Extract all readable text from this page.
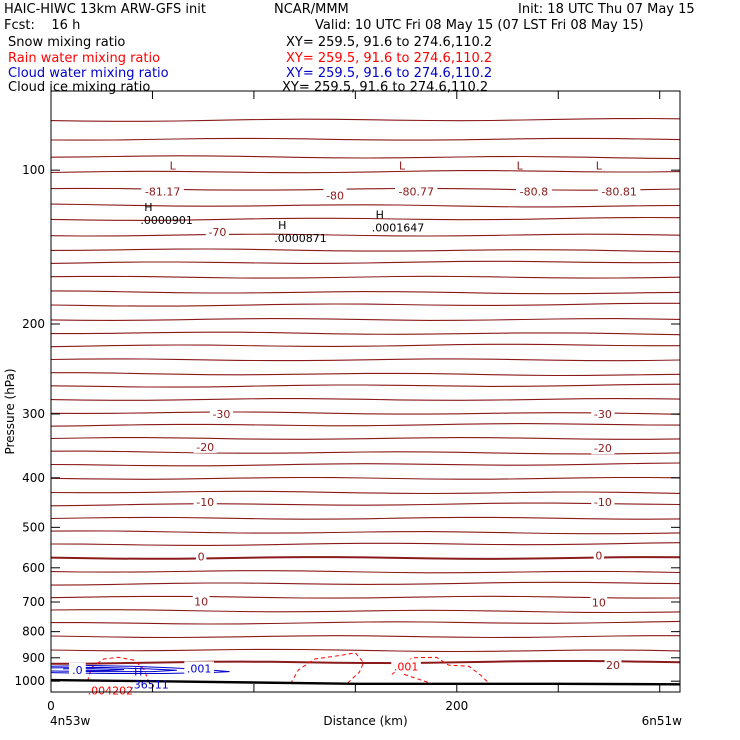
HAIC-HIWC 13km ARW-GFS init	NCAR/MMM	Init: 18 UTC Thu 07 May 15
Fcst:    16 h	Valid: 10 UTC Fri 08 May 15 (07 LST Fri 08 May 15)
Snow mixing ratio	XY= 259.5, 91.6 to 274.6,110.2
Rain water mixing ratio	XY= 259.5, 91.6 to 274.6,110.2
Cloud water mixing ratio	XY= 259.5, 91.6 to 274.6,110.2
Cloud ice mixing ratio	XY= 259.5, 91.6 to 274.6,110.2
-81.17	-80	-80.77	-80.8	-80.81
-70
-30	-30
-20	-20
-10	-10
0	0
10	10
20
.001
.001
.0
L	L	L	L
H
.0000901	H
.0000871
H
.0001647
H
.36511
.004202
100
200
300
400
500
600
700
800
900
1000
0	200
Distance (km)
Pressure (hPa)
4n53w	6n51w
